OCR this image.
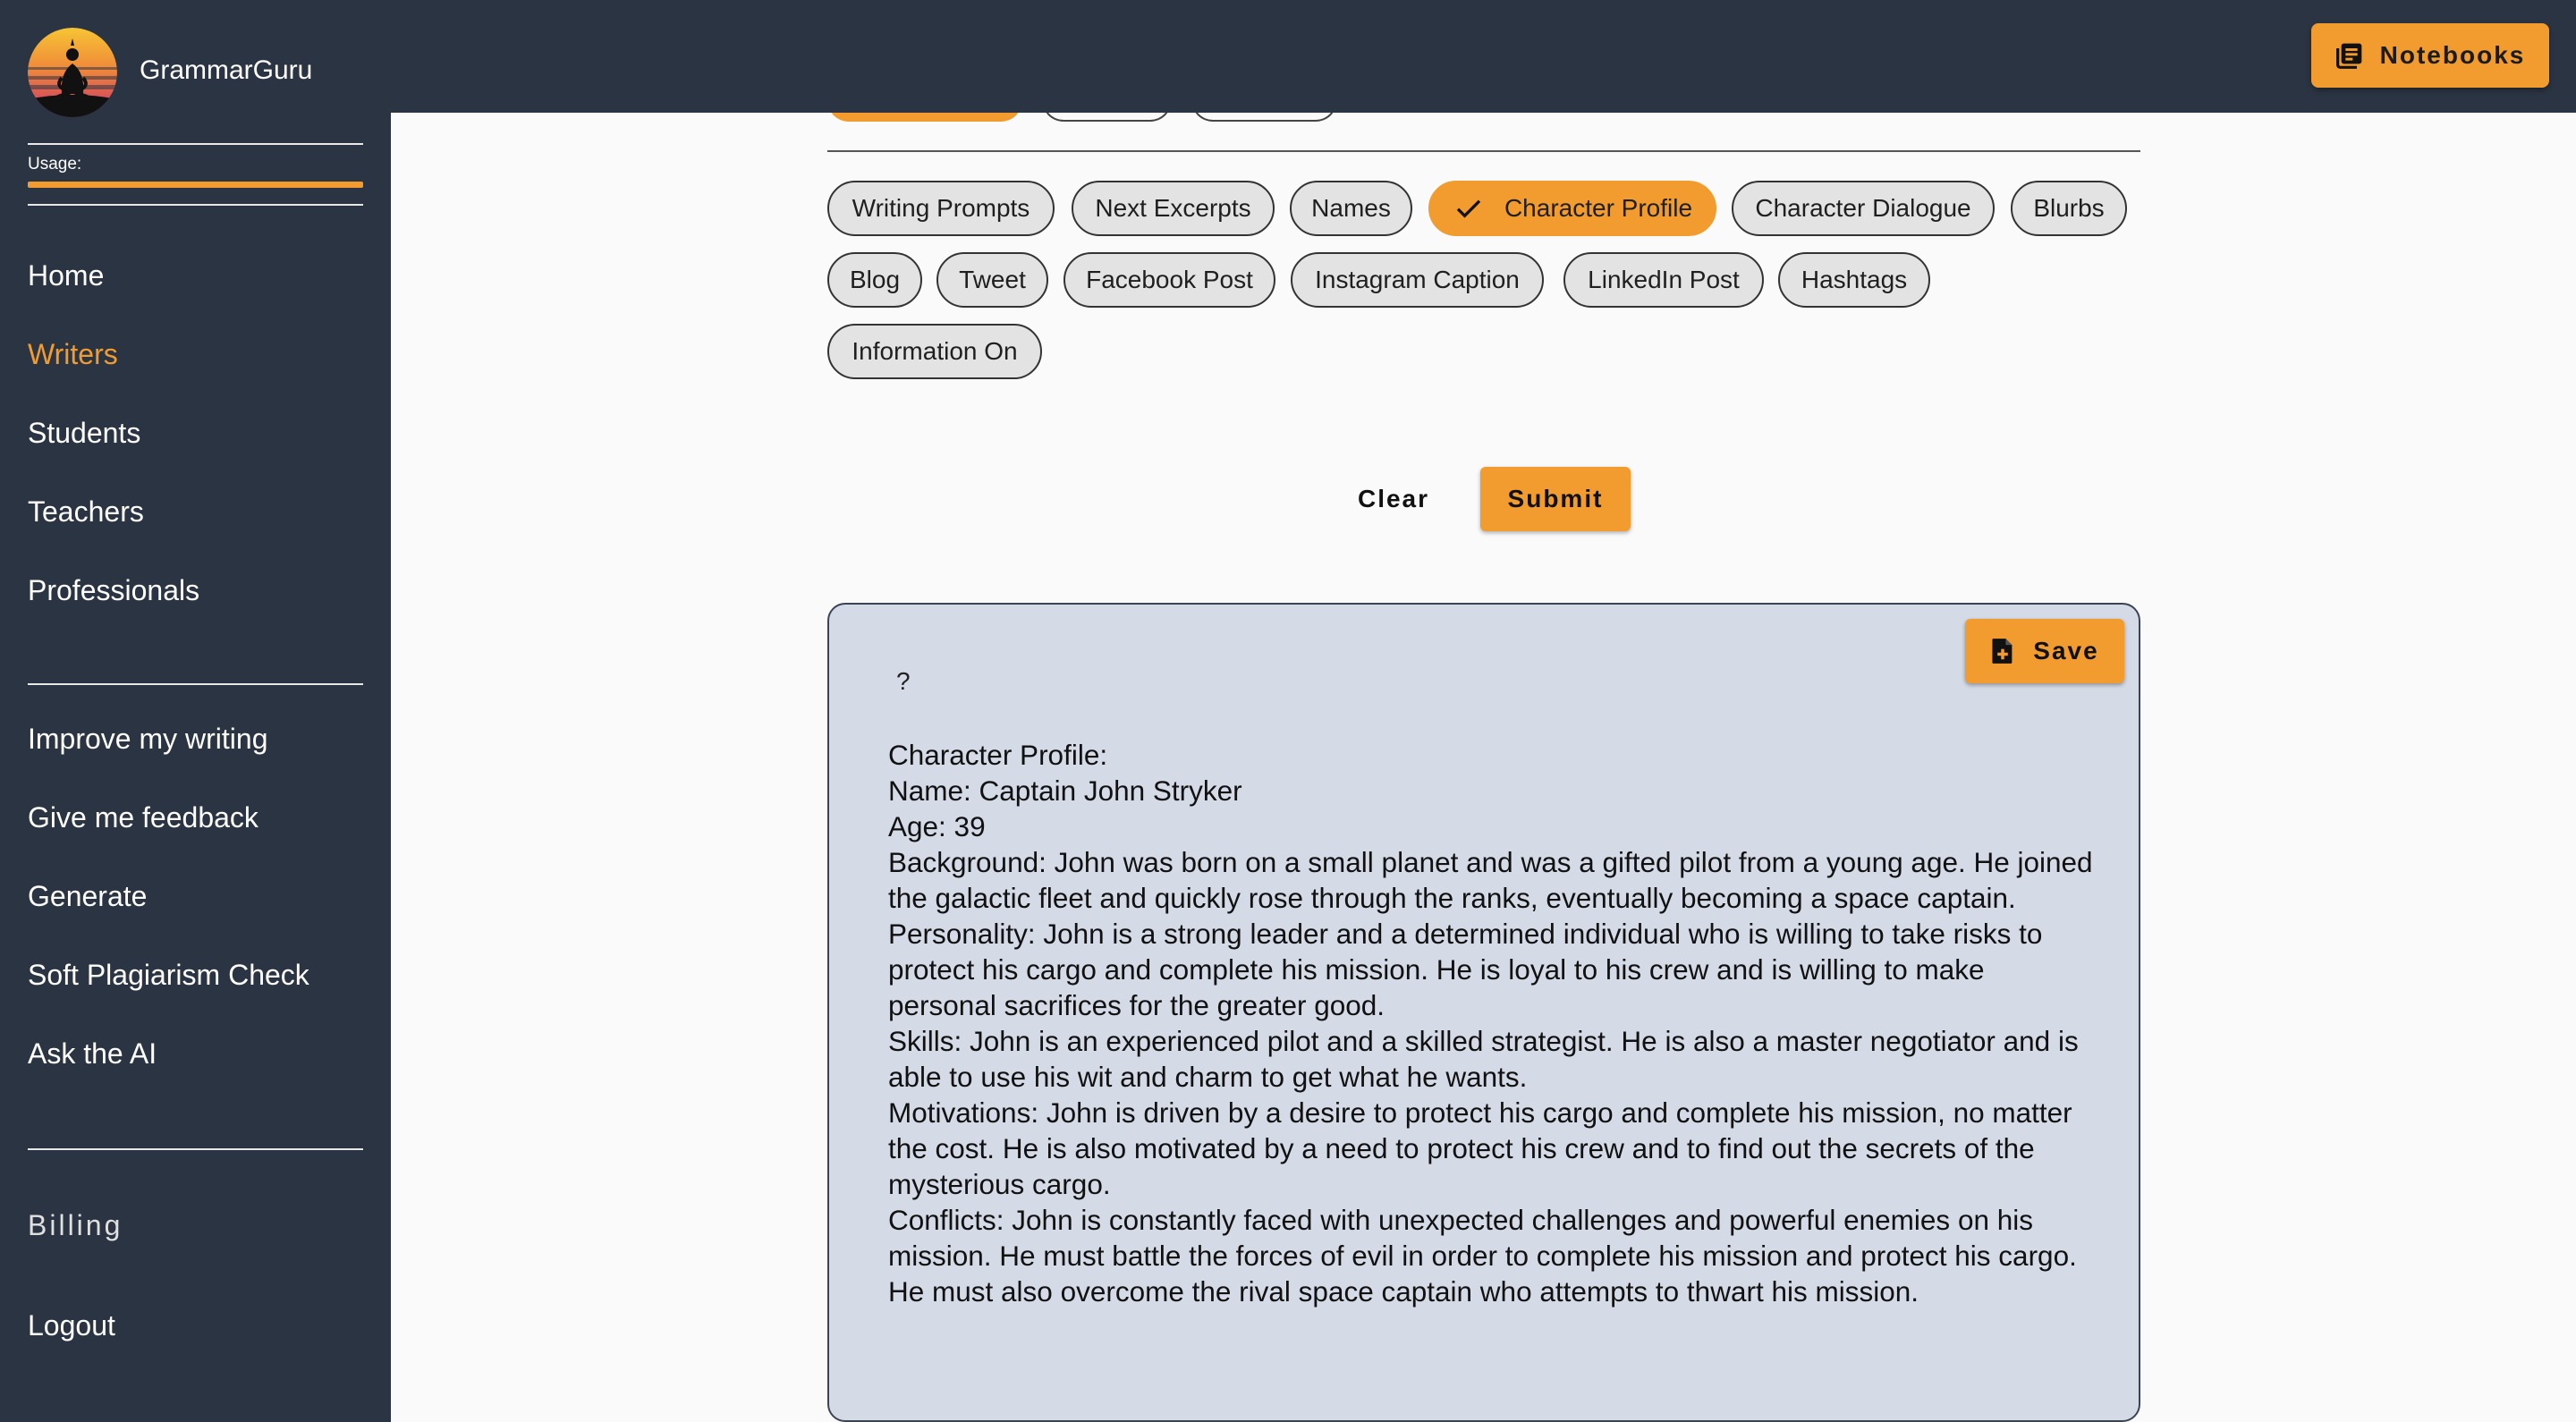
Writing Prompts	Next Excerpts Names	Character Profile	Character Dialogue Blurbs
Blog Tweet Facebook Post Instagram Caption	LinkedIn Post Hashtags
Information On
Clear	Submit
Save
?
Character Profile:
Name: Captain John Stryker
Age: 39
Background: John was born on a small planet and was a gifted pilot from a young age. He joined the galactic fleet and quickly rose through the ranks, eventually becoming a space captain.
Personality: John is a strong leader and a determined individual who is willing to take risks to protect his cargo and complete his mission. He is loyal to his crew and is willing to make personal sacrifices for the greater good.
Skills: John is an experienced pilot and a skilled strategist. He is also a master negotiator and is able to use his wit and charm to get what he wants.
Motivations: John is driven by a desire to protect his cargo and complete his mission, no matter the cost. He is also motivated by a need to protect his crew and to find out the secrets of the mysterious cargo.
Conflicts: John is constantly faced with unexpected challenges and powerful enemies on his mission. He must battle the forces of evil in order to complete his mission and protect his cargo. He must also overcome the rival space captain who attempts to thwart his mission.
Notebooks
GrammarGuru
Usage:
Home
Writers
Students
Teachers
Professionals
Improve my writing
Give me feedback
Generate
Soft Plagiarism Check
Ask the AI
Billing
Logout
